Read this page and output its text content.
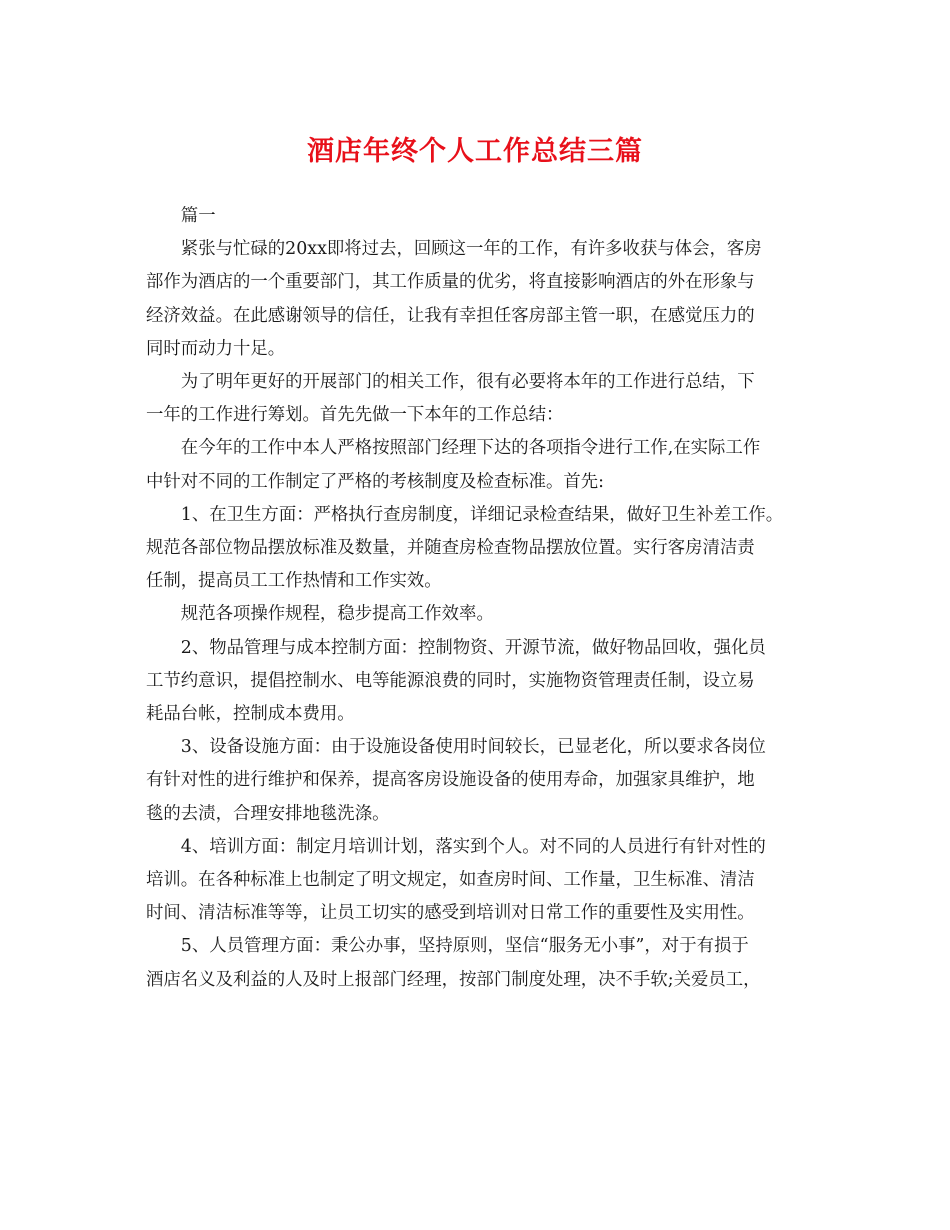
酒店年终个人工作总结三篇

篇一

紧张与忙碌的20xx即将过去，回顾这一年的工作，有许多收获与体会，客房
部作为酒店的一个重要部门，其工作质量的优劣，将直接影响酒店的外在形象与
经济效益。在此感谢领导的信任，让我有幸担任客房部主管一职，在感觉压力的
同时而动力十足。

为了明年更好的开展部门的相关工作，很有必要将本年的工作进行总结，下
一年的工作进行筹划。首先先做一下本年的工作总结：

在今年的工作中本人严格按照部门经理下达的各项指令进行工作,在实际工作
中针对不同的工作制定了严格的考核制度及检查标准。首先:

1、在卫生方面：严格执行查房制度，详细记录检查结果，做好卫生补差工作。
规范各部位物品摆放标准及数量，并随查房检查物品摆放位置。实行客房清洁责
任制，提高员工工作热情和工作实效。

规范各项操作规程，稳步提高工作效率。

2、物品管理与成本控制方面：控制物资、开源节流，做好物品回收，强化员
工节约意识，提倡控制水、电等能源浪费的同时，实施物资管理责任制，设立易
耗品台帐，控制成本费用。

3、设备设施方面：由于设施设备使用时间较长，已显老化，所以要求各岗位
有针对性的进行维护和保养，提高客房设施设备的使用寿命，加强家具维护，地
毯的去渍，合理安排地毯洗涤。

4、培训方面：制定月培训计划，落实到个人。对不同的人员进行有针对性的
培训。在各种标准上也制定了明文规定，如查房时间、工作量，卫生标准、清洁
时间、清洁标准等等，让员工切实的感受到培训对日常工作的重要性及实用性。

5、人员管理方面：秉公办事，坚持原则，坚信“服务无小事”，对于有损于
酒店名义及利益的人及时上报部门经理，按部门制度处理，决不手软;关爱员工，
